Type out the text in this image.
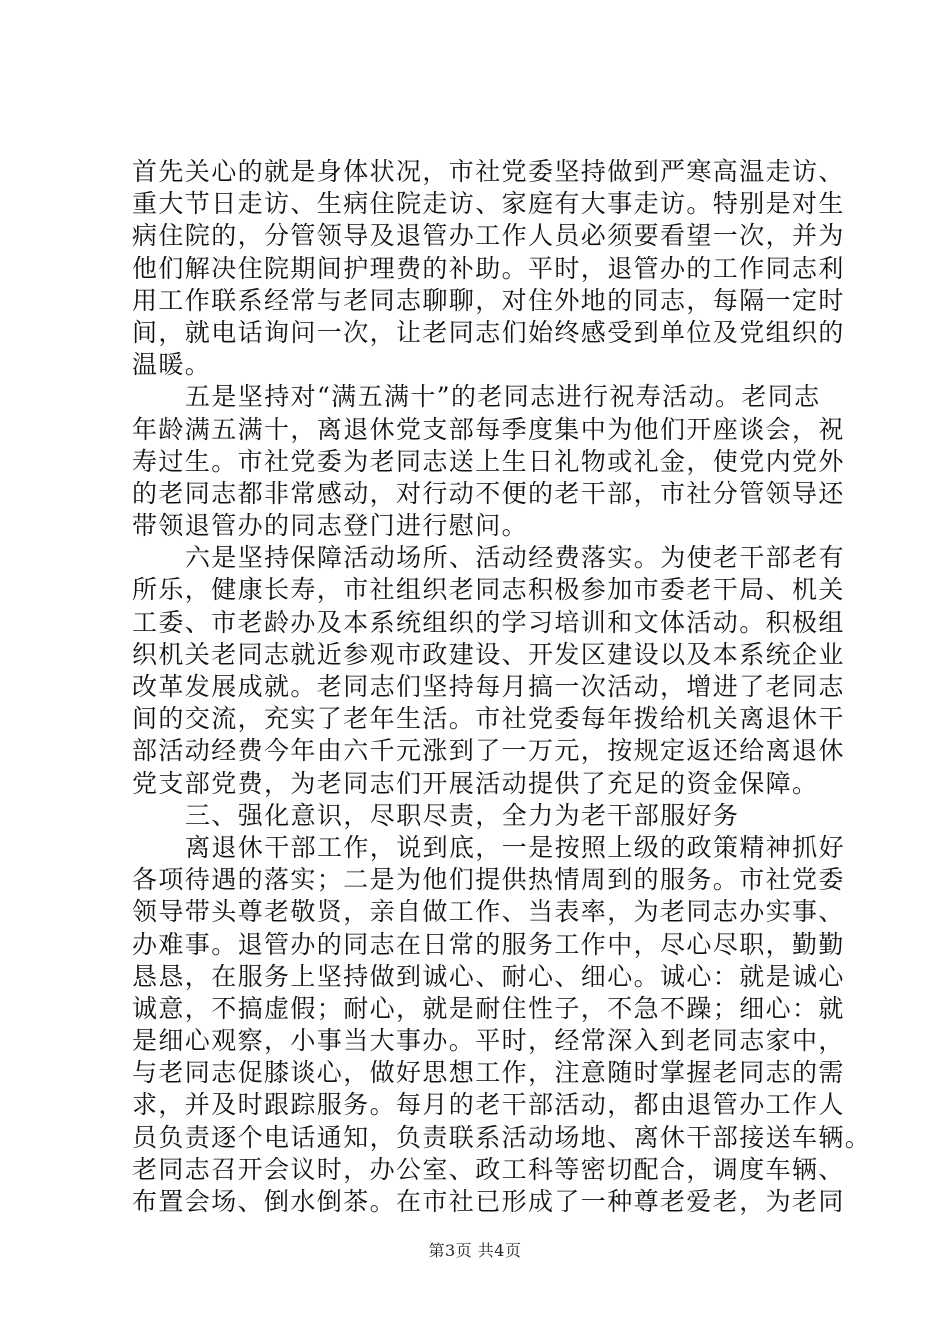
首先关心的就是身体状况，市社党委坚持做到严寒高温走访、
重大节日走访、生病住院走访、家庭有大事走访。特别是对生
病住院的，分管领导及退管办工作人员必须要看望一次，并为
他们解决住院期间护理费的补助。平时，退管办的工作同志利
用工作联系经常与老同志聊聊，对住外地的同志，每隔一定时
间，就电话询问一次，让老同志们始终感受到单位及党组织的
温暖。
五是坚持对“满五满十”的老同志进行祝寿活动。老同志
年龄满五满十，离退休党支部每季度集中为他们开座谈会，祝
寿过生。市社党委为老同志送上生日礼物或礼金，使党内党外
的老同志都非常感动，对行动不便的老干部，市社分管领导还
带领退管办的同志登门进行慰问。
六是坚持保障活动场所、活动经费落实。为使老干部老有
所乐，健康长寿，市社组织老同志积极参加市委老干局、机关
工委、市老龄办及本系统组织的学习培训和文体活动。积极组
织机关老同志就近参观市政建设、开发区建设以及本系统企业
改革发展成就。老同志们坚持每月搞一次活动，增进了老同志
间的交流，充实了老年生活。市社党委每年拨给机关离退休干
部活动经费今年由六千元涨到了一万元，按规定返还给离退休
党支部党费，为老同志们开展活动提供了充足的资金保障。
三、强化意识，尽职尽责，全力为老干部服好务
离退休干部工作，说到底，一是按照上级的政策精神抓好
各项待遇的落实；二是为他们提供热情周到的服务。市社党委
领导带头尊老敬贤，亲自做工作、当表率，为老同志办实事、
办难事。退管办的同志在日常的服务工作中，尽心尽职，勤勤
恳恳，在服务上坚持做到诚心、耐心、细心。诚心：就是诚心
诚意，不搞虚假；耐心，就是耐住性子，不急不躁；细心：就
是细心观察，小事当大事办。平时，经常深入到老同志家中，
与老同志促膝谈心，做好思想工作，注意随时掌握老同志的需
求，并及时跟踪服务。每月的老干部活动，都由退管办工作人
员负责逐个电话通知，负责联系活动场地、离休干部接送车辆。
老同志召开会议时，办公室、政工科等密切配合，调度车辆、
布置会场、倒水倒茶。在市社已形成了一种尊老爱老，为老同
第3页 共4页
